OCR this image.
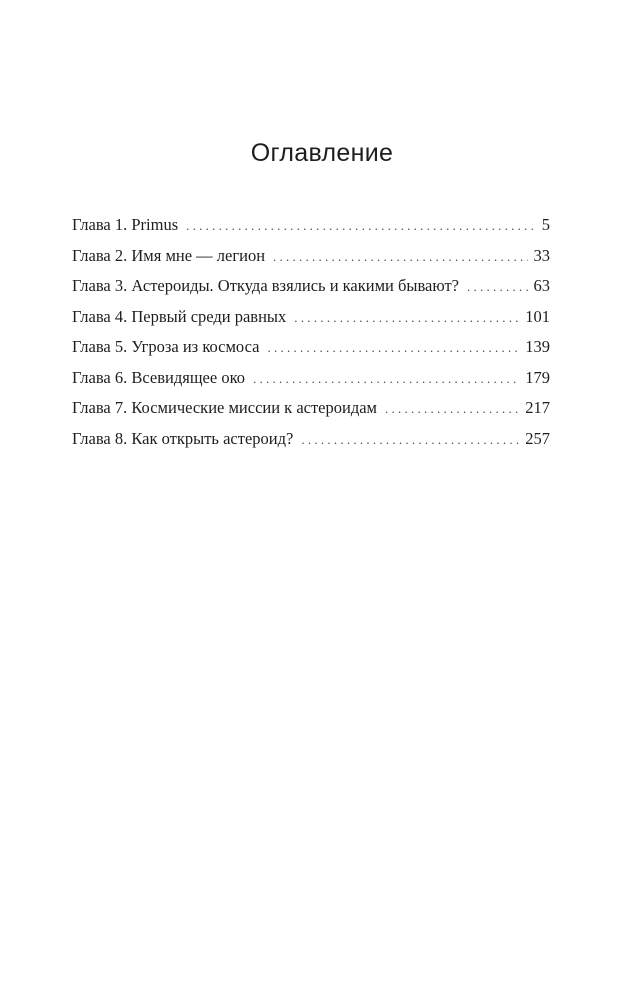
Оглавление
Глава 1. Primus . . .	5
Глава 2. Имя мне — легион . . .	33
Глава 3. Астероиды. Откуда взялись и какими бывают? . . .	63
Глава 4. Первый среди равных . . .	101
Глава 5. Угроза из космоса . . .	139
Глава 6. Всевидящее око . . .	179
Глава 7. Космические миссии к астероидам . . .	217
Глава 8. Как открыть астероид? . . .	257
